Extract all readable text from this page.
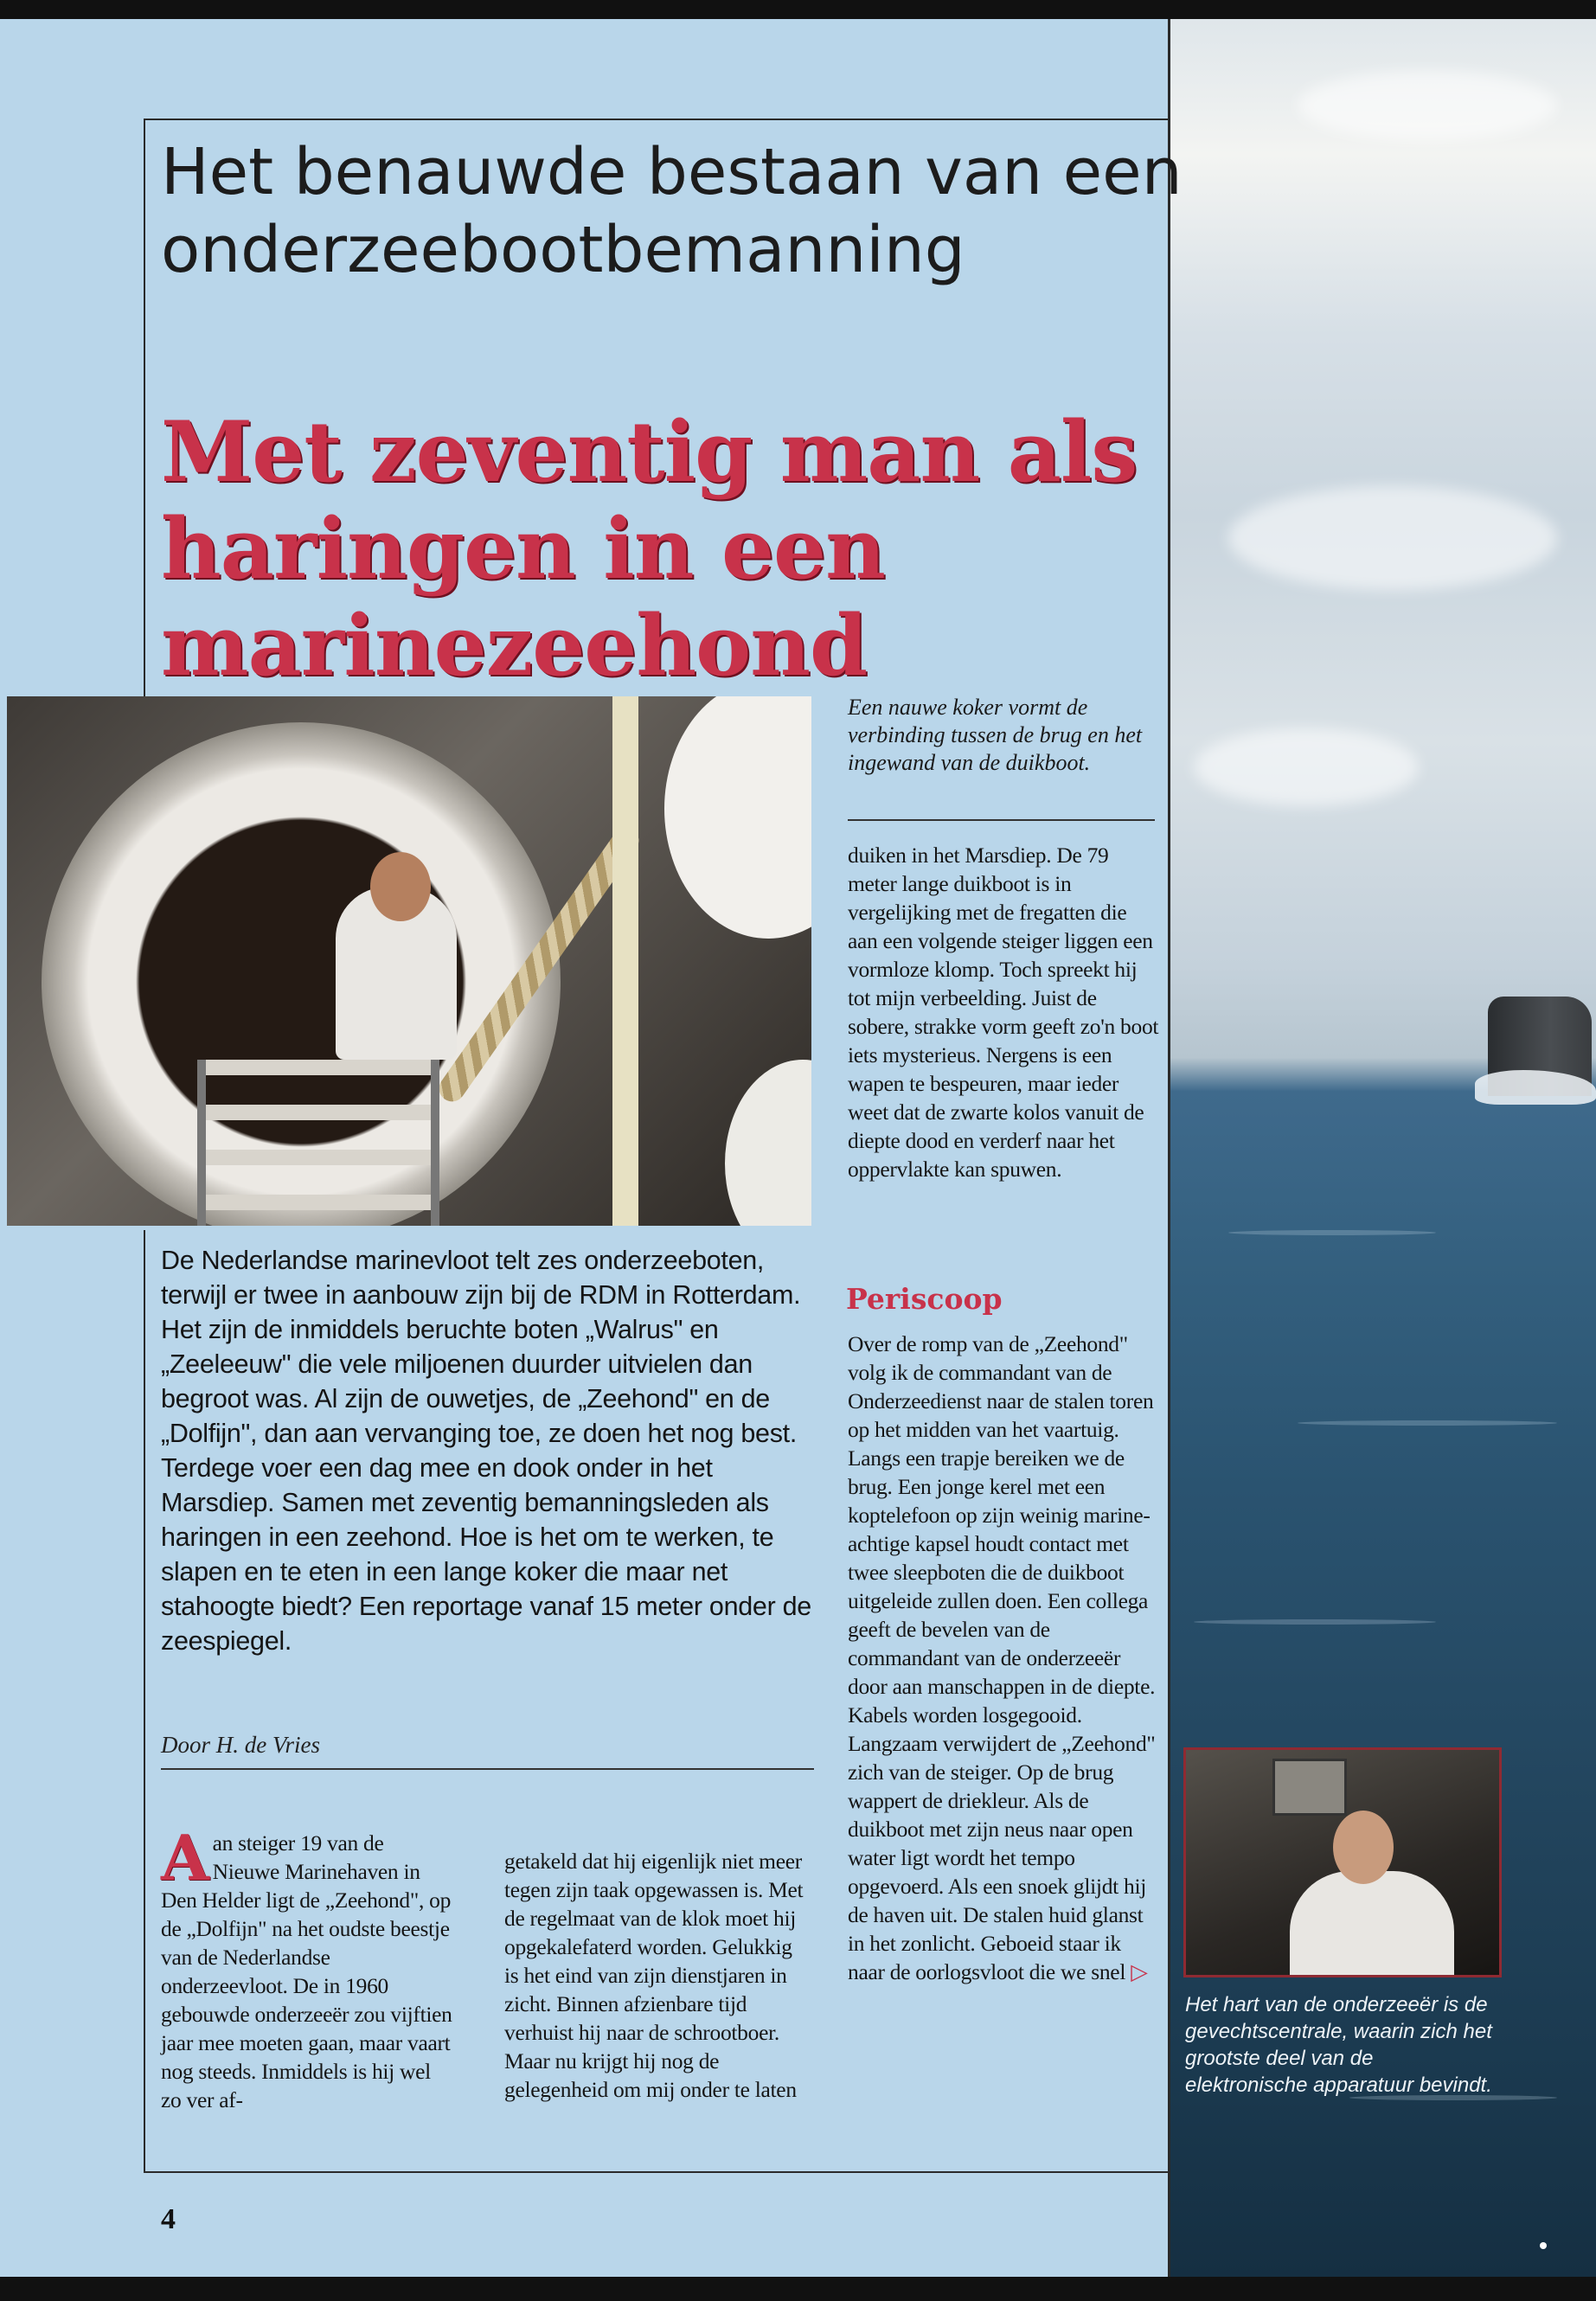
Het benauwde bestaan van een onderzeebootbemanning
Met zeventig man als haringen in een marinezeehond

Een nauwe koker vormt de verbinding tussen de brug en het ingewand van de duikboot.

De Nederlandse marinevloot telt zes onderzeeboten, terwijl er twee in aanbouw zijn bij de RDM in Rotterdam. Het zijn de inmiddels beruchte boten „Walrus" en „Zeeleeuw" die vele miljoenen duurder uitvielen dan begroot was. Al zijn de ouwetjes, de „Zeehond" en de „Dolfijn", dan aan vervanging toe, ze doen het nog best. Terdege voer een dag mee en dook onder in het Marsdiep. Samen met zeventig bemanningsleden als haringen in een zeehond. Hoe is het om te werken, te slapen en te eten in een lange koker die maar net stahoogte biedt? Een reportage vanaf 15 meter onder de zeespiegel.

Door H. de Vries

Aan steiger 19 van de Nieuwe Marinehaven in Den Helder ligt de „Zeehond", op de „Dolfijn" na het oudste beestje van de Nederlandse onderzeevloot. De in 1960 gebouwde onderzeeër zou vijftien jaar mee moeten gaan, maar vaart nog steeds. Inmiddels is hij wel zo ver af-

getakeld dat hij eigenlijk niet meer tegen zijn taak opgewassen is. Met de regelmaat van de klok moet hij opgekalefaterd worden. Gelukkig is het eind van zijn dienstjaren in zicht. Binnen afzienbare tijd verhuist hij naar de schrootboer. Maar nu krijgt hij nog de gelegenheid om mij onder te laten

duiken in het Marsdiep. De 79 meter lange duikboot is in vergelijking met de fregatten die aan een volgende steiger liggen een vormloze klomp. Toch spreekt hij tot mijn verbeelding. Juist de sobere, strakke vorm geeft zo'n boot iets mysterieus. Nergens is een wapen te bespeuren, maar ieder weet dat de zwarte kolos vanuit de diepte dood en verderf naar het oppervlakte kan spuwen.

Periscoop

Over de romp van de „Zeehond" volg ik de commandant van de Onderzeedienst naar de stalen toren op het midden van het vaartuig. Langs een trapje bereiken we de brug. Een jonge kerel met een koptelefoon op zijn weinig marine-achtige kapsel houdt contact met twee sleepboten die de duikboot uitgeleide zullen doen. Een collega geeft de bevelen van de commandant van de onderzeeër door aan manschappen in de diepte. Kabels worden losgegooid. Langzaam verwijdert de „Zeehond" zich van de steiger. Op de brug wappert de driekleur. Als de duikboot met zijn neus naar open water ligt wordt het tempo opgevoerd. Als een snoek glijdt hij de haven uit. De stalen huid glanst in het zonlicht. Geboeid staar ik naar de oorlogsvloot die we snel ▷

Het hart van de onderzeeër is de gevechtscentrale, waarin zich het grootste deel van de elektronische apparatuur bevindt.

4
